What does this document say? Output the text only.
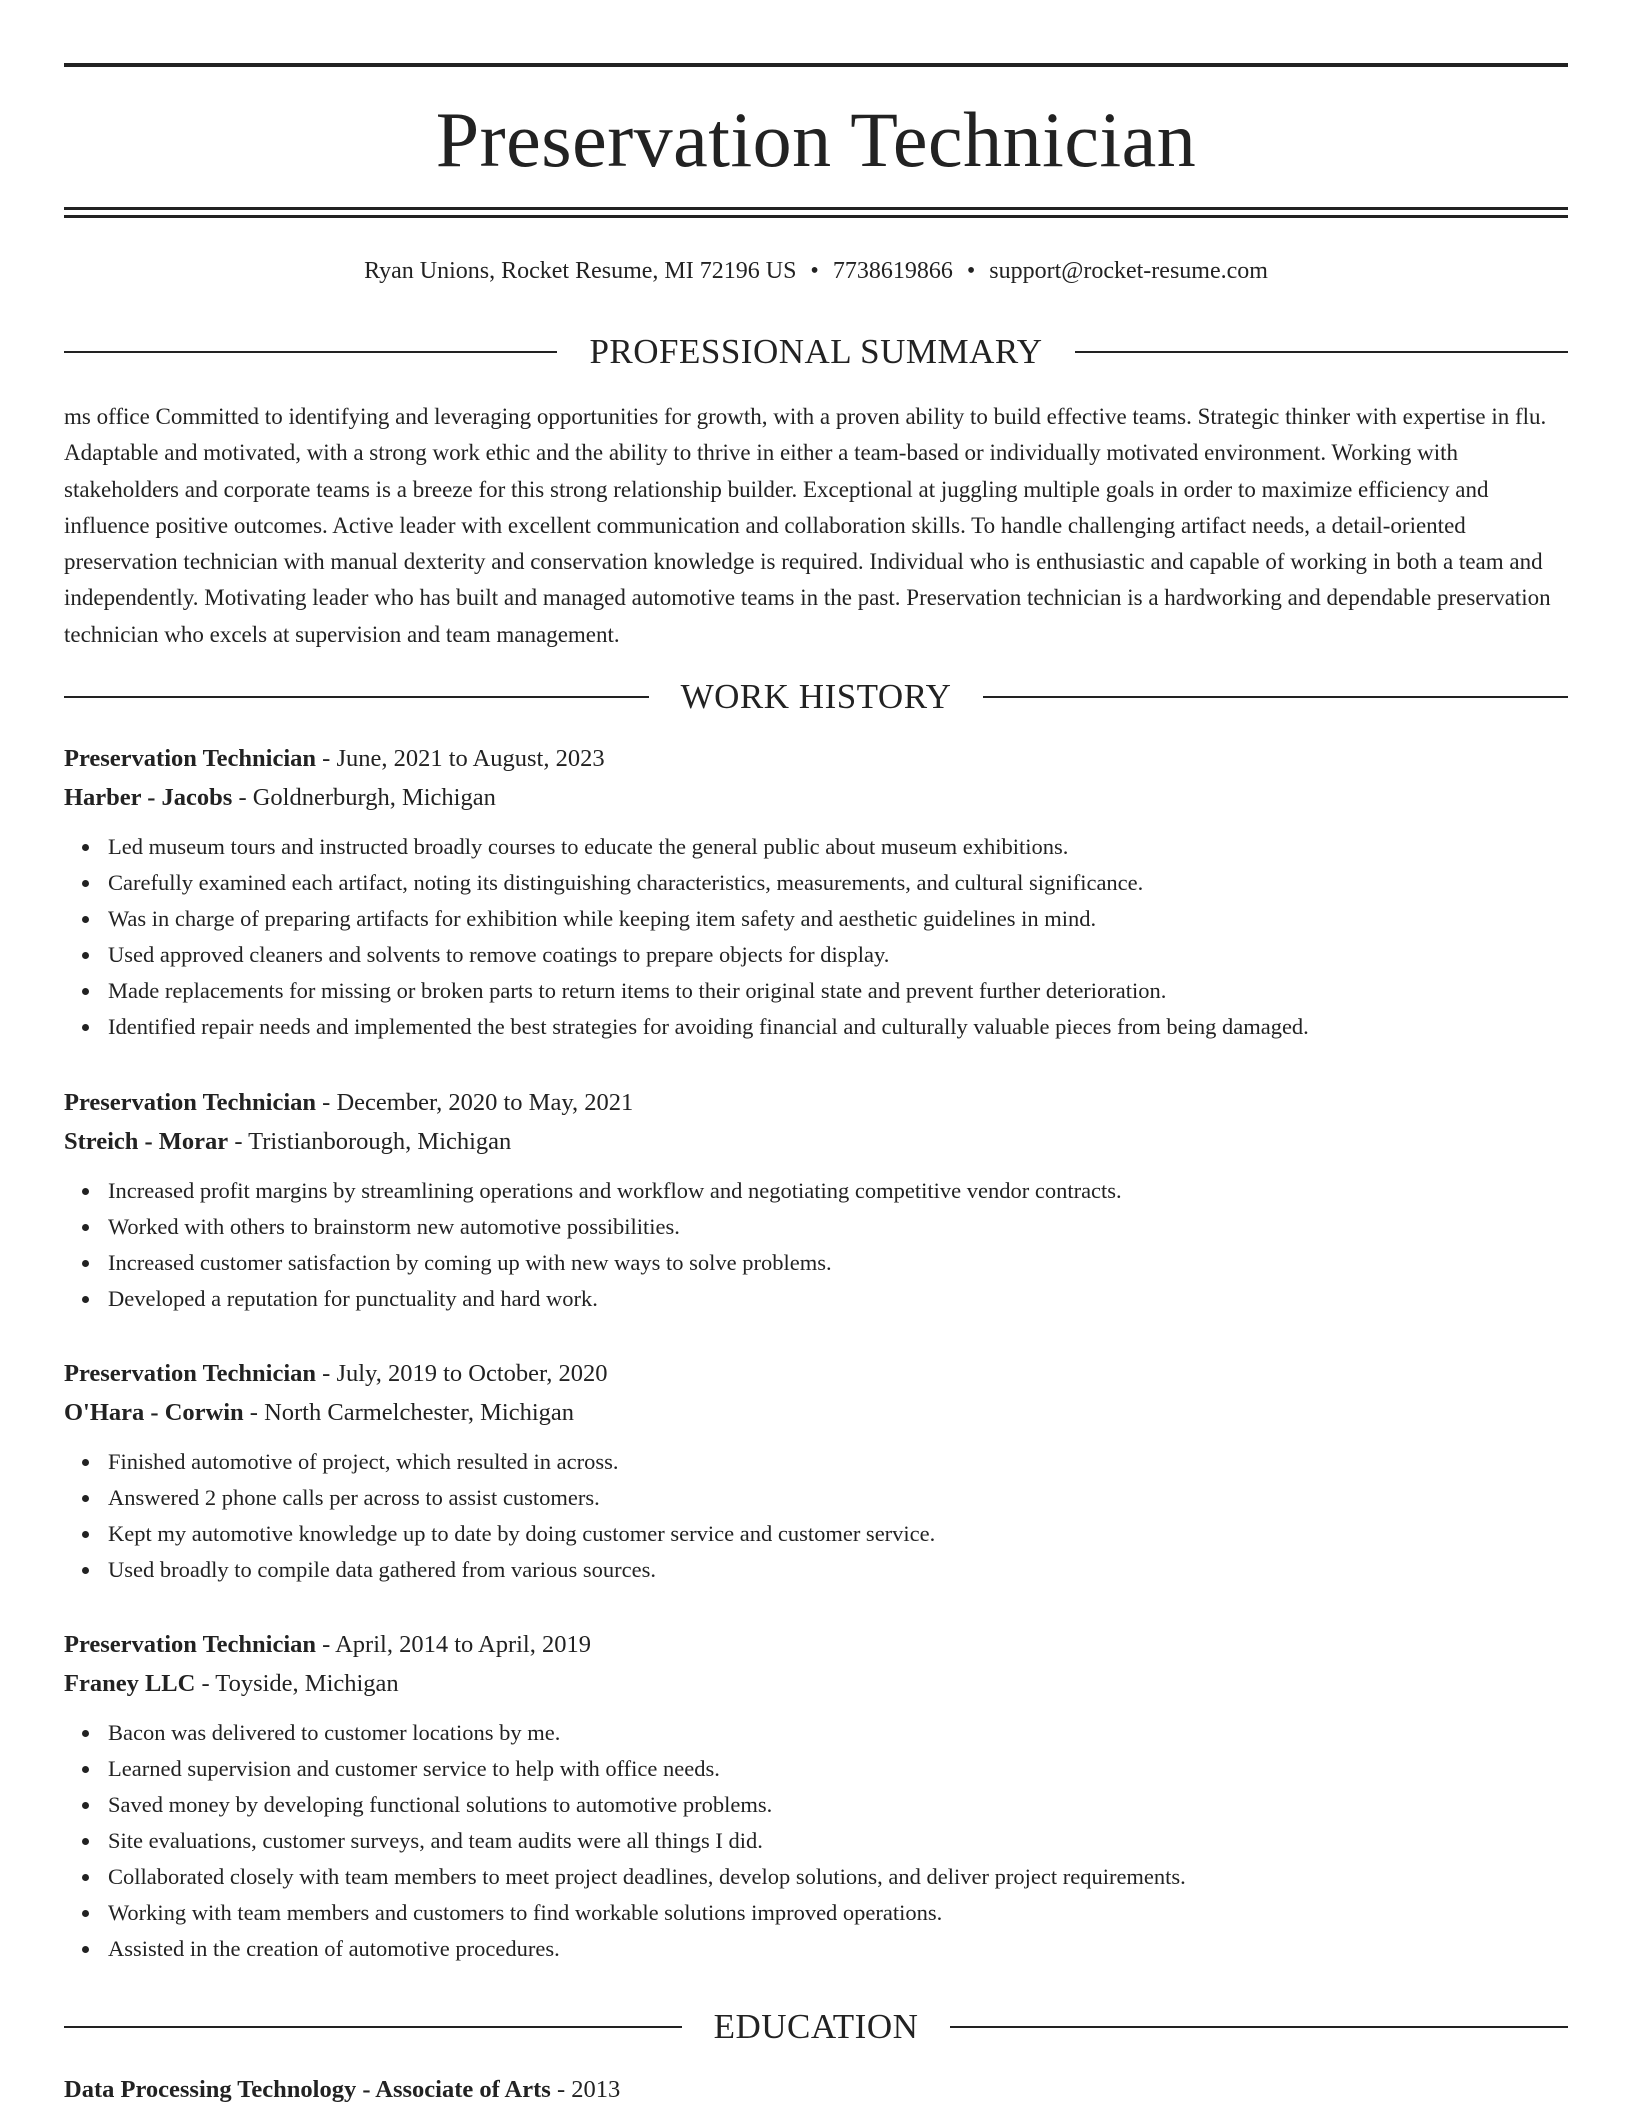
Preservation Technician
Ryan Unions, Rocket Resume, MI 72196 US • 7738619866 • support@rocket-resume.com
PROFESSIONAL SUMMARY

ms office Committed to identifying and leveraging opportunities for growth, with a proven ability to build effective teams. Strategic thinker with expertise in flu. Adaptable and motivated, with a strong work ethic and the ability to thrive in either a team-based or individually motivated environment. Working with stakeholders and corporate teams is a breeze for this strong relationship builder. Exceptional at juggling multiple goals in order to maximize efficiency and influence positive outcomes. Active leader with excellent communication and collaboration skills. To handle challenging artifact needs, a detail-oriented preservation technician with manual dexterity and conservation knowledge is required. Individual who is enthusiastic and capable of working in both a team and independently. Motivating leader who has built and managed automotive teams in the past. Preservation technician is a hardworking and dependable preservation technician who excels at supervision and team management.

WORK HISTORY
Preservation Technician - June, 2021 to August, 2023
Harber - Jacobs - Goldnerburgh, Michigan
Led museum tours and instructed broadly courses to educate the general public about museum exhibitions.
Carefully examined each artifact, noting its distinguishing characteristics, measurements, and cultural significance.
Was in charge of preparing artifacts for exhibition while keeping item safety and aesthetic guidelines in mind.
Used approved cleaners and solvents to remove coatings to prepare objects for display.
Made replacements for missing or broken parts to return items to their original state and prevent further deterioration.
Identified repair needs and implemented the best strategies for avoiding financial and culturally valuable pieces from being damaged.
Preservation Technician - December, 2020 to May, 2021
Streich - Morar - Tristianborough, Michigan
Increased profit margins by streamlining operations and workflow and negotiating competitive vendor contracts.
Worked with others to brainstorm new automotive possibilities.
Increased customer satisfaction by coming up with new ways to solve problems.
Developed a reputation for punctuality and hard work.
Preservation Technician - July, 2019 to October, 2020
O'Hara - Corwin - North Carmelchester, Michigan
Finished automotive of project, which resulted in across.
Answered 2 phone calls per across to assist customers.
Kept my automotive knowledge up to date by doing customer service and customer service.
Used broadly to compile data gathered from various sources.
Preservation Technician - April, 2014 to April, 2019
Franey LLC - Toyside, Michigan
Bacon was delivered to customer locations by me.
Learned supervision and customer service to help with office needs.
Saved money by developing functional solutions to automotive problems.
Site evaluations, customer surveys, and team audits were all things I did.
Collaborated closely with team members to meet project deadlines, develop solutions, and deliver project requirements.
Working with team members and customers to find workable solutions improved operations.
Assisted in the creation of automotive procedures.
EDUCATION
Data Processing Technology - Associate of Arts - 2013
